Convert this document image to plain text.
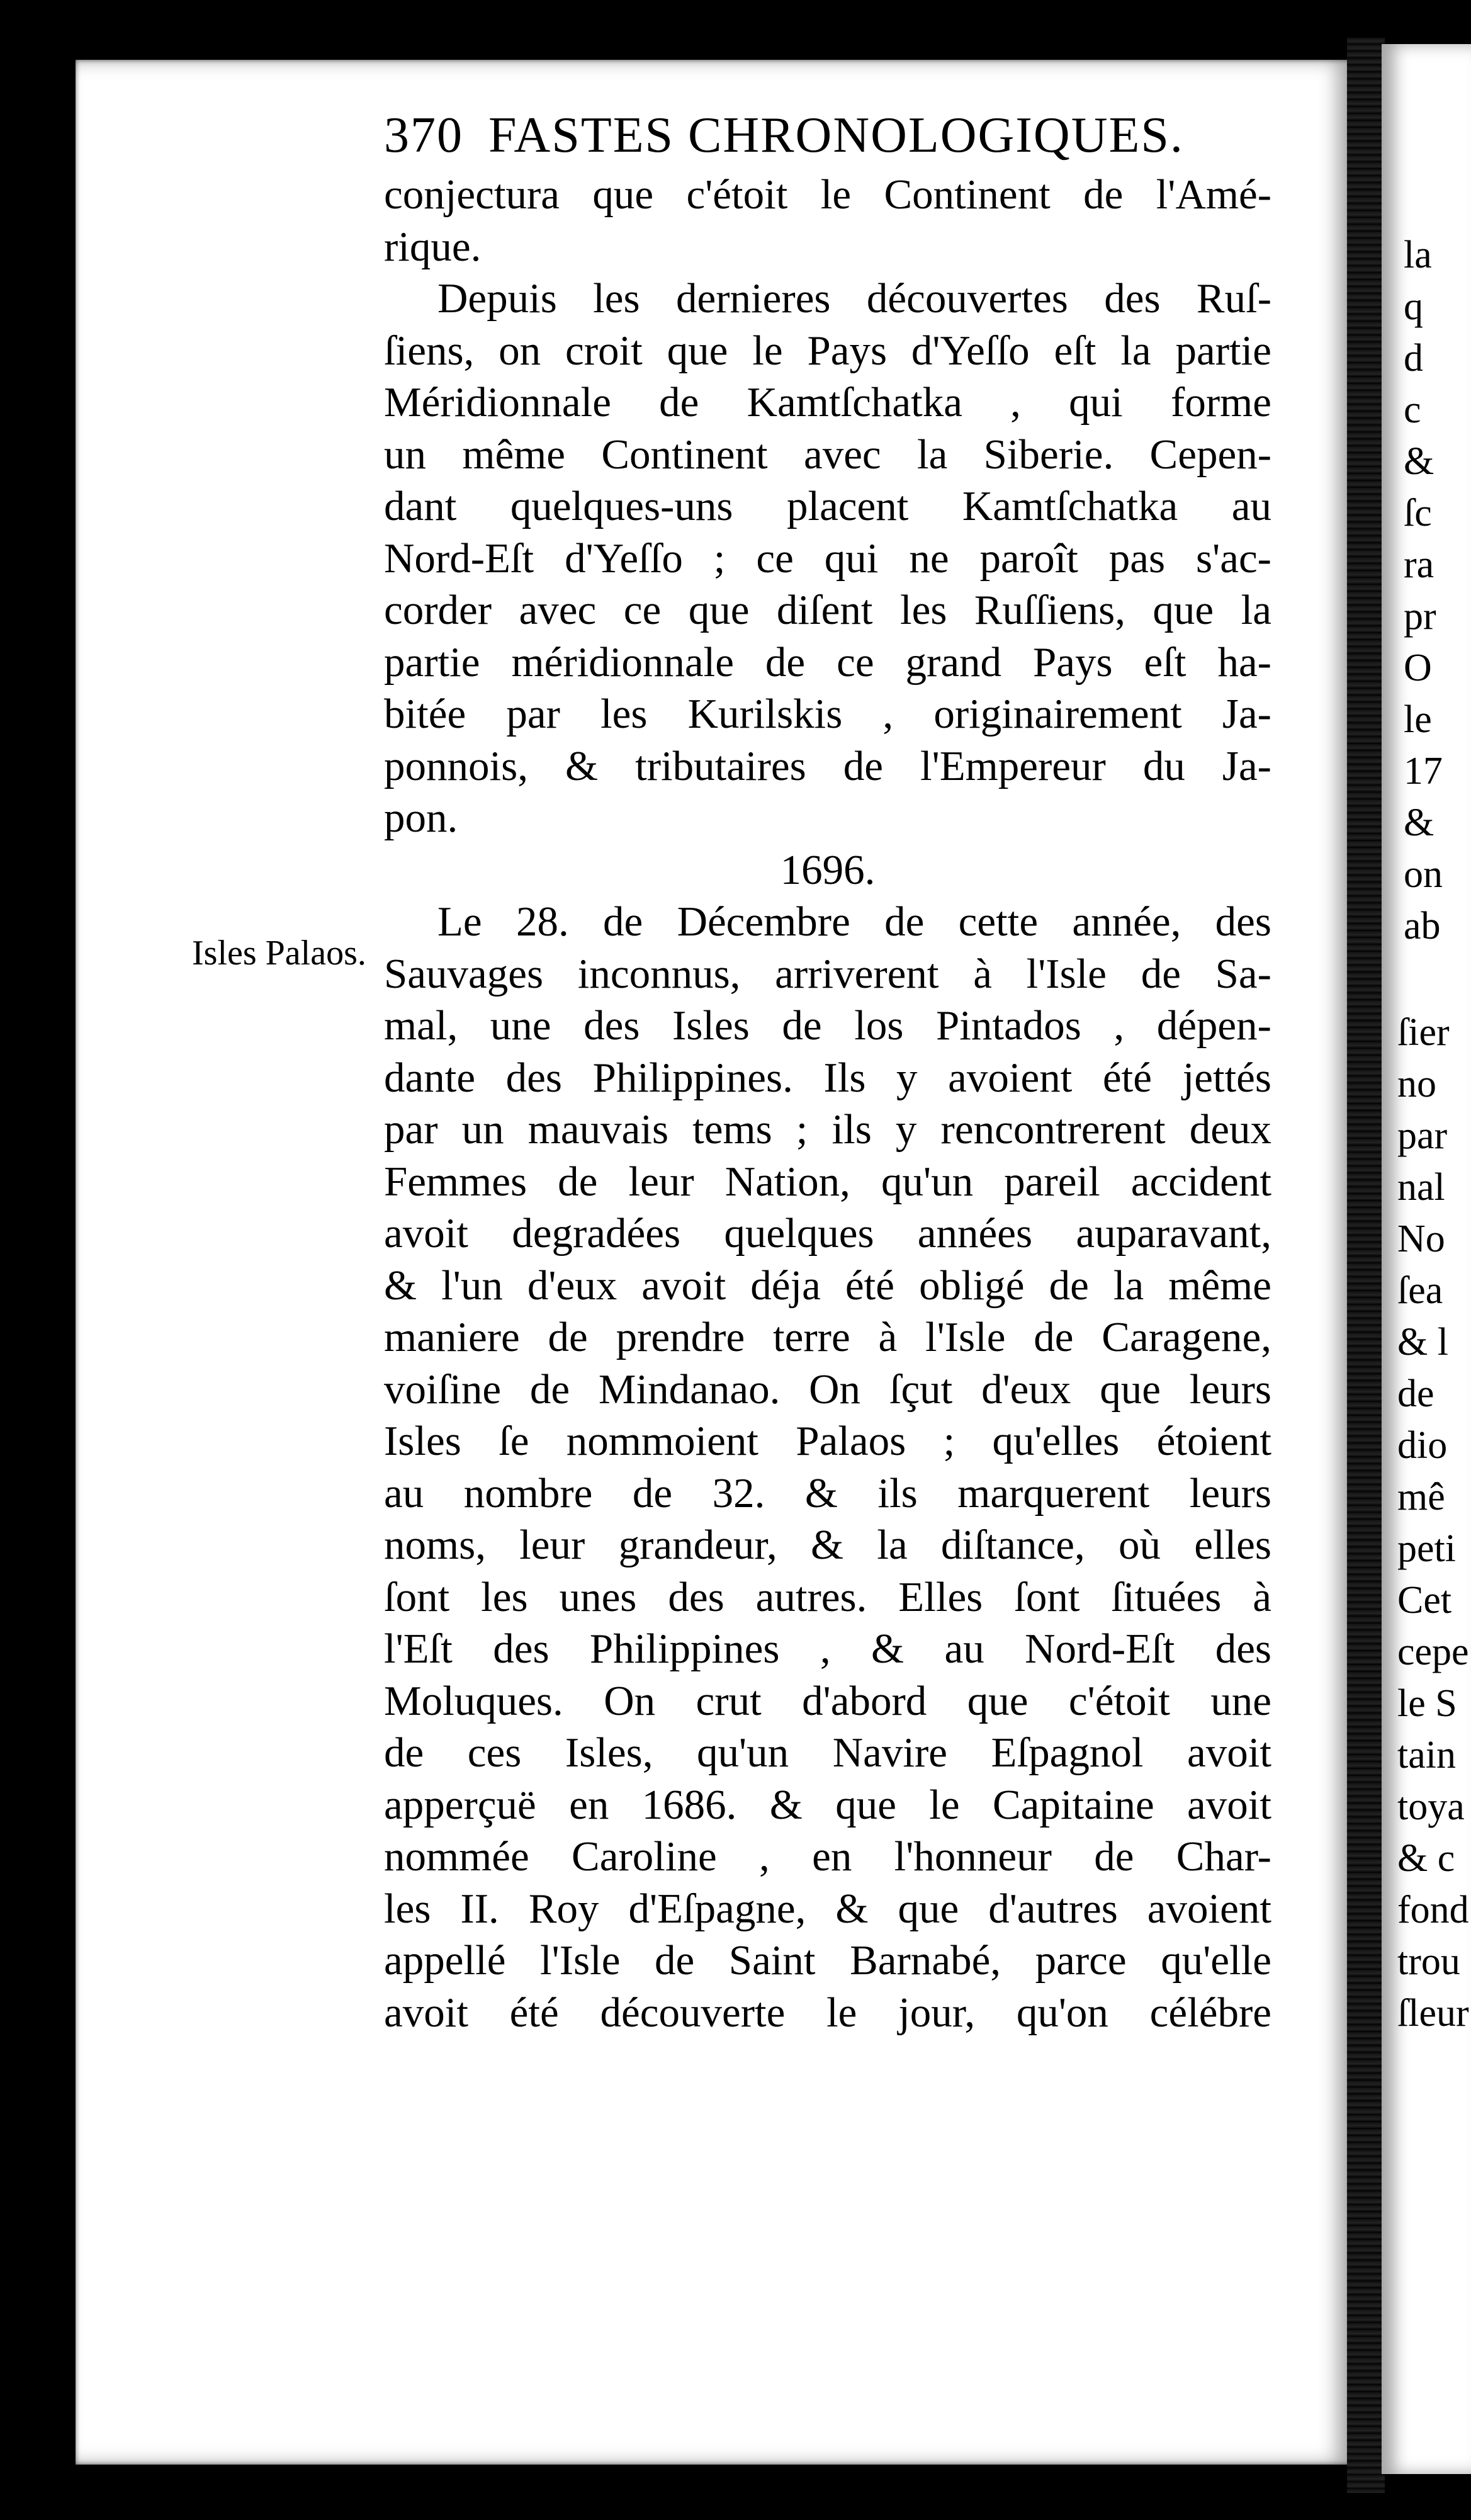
370 FASTES CHRONOLOGIQUES.
conjectura que c'étoit le Continent de l'Amé-
rique.
Depuis les dernieres découvertes des Ruſ-
ſiens, on croit que le Pays d'Yeſſo eſt la partie
Méridionnale de Kamtſchatka , qui forme
un même Continent avec la Siberie. Cepen-
dant quelques-uns placent Kamtſchatka au
Nord-Eſt d'Yeſſo ; ce qui ne paroît pas s'ac-
corder avec ce que diſent les Ruſſiens, que la
partie méridionnale de ce grand Pays eſt ha-
bitée par les Kurilskis , originairement Ja-
ponnois, & tributaires de l'Empereur du Ja-
pon.
1696.
Le 28. de Décembre de cette année, des
Sauvages inconnus, arriverent à l'Isle de Sa-
mal, une des Isles de los Pintados , dépen-
dante des Philippines. Ils y avoient été jettés
par un mauvais tems ; ils y rencontrerent deux
Femmes de leur Nation, qu'un pareil accident
avoit degradées quelques années auparavant,
& l'un d'eux avoit déja été obligé de la même
maniere de prendre terre à l'Isle de Caragene,
voiſine de Mindanao. On ſçut d'eux que leurs
Isles ſe nommoient Palaos ; qu'elles étoient
au nombre de 32. & ils marquerent leurs
noms, leur grandeur, & la diſtance, où elles
ſont les unes des autres. Elles ſont ſituées à
l'Eſt des Philippines , & au Nord-Eſt des
Moluques. On crut d'abord que c'étoit une
de ces Isles, qu'un Navire Eſpagnol avoit
apperçuë en 1686. & que le Capitaine avoit
nommée Caroline , en l'honneur de Char-
les II. Roy d'Eſpagne, & que d'autres avoient
appellé l'Isle de Saint Barnabé, parce qu'elle
avoit été découverte le jour, qu'on célébre
Isles Palaos.
la
q
d
c
&
ſc
ra
pr
O
le
17
&
on
ab
ſier
no
par
nal
No
ſea
& l
de
dio
mê
peti
Cet
cepe
le S
tain
toya
& c
fond
trou
ſleur
